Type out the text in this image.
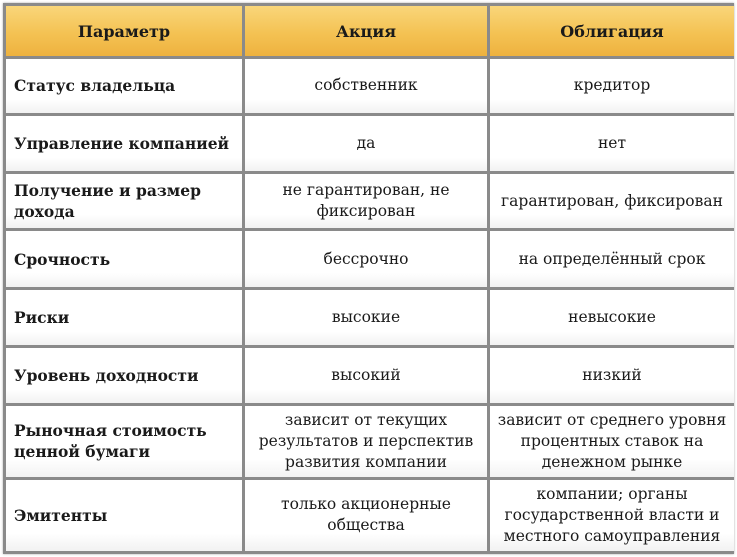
Параметр	Акция	Облигация
Статус владельца	собственник	кредитор
Управление компанией	да	нет
Получение и размер дохода	не гарантирован, не фиксирован	гарантирован, фиксирован
Срочность	бессрочно	на определённый срок
Риски	высокие	невысокие
Уровень доходности	высокий	низкий
Рыночная стоимость ценной бумаги	зависит от текущих результатов и перспектив развития компании	зависит от среднего уровня процентных ставок на денежном рынке
Эмитенты	только акционерные общества	компании; органы государственной власти и местного самоуправления
